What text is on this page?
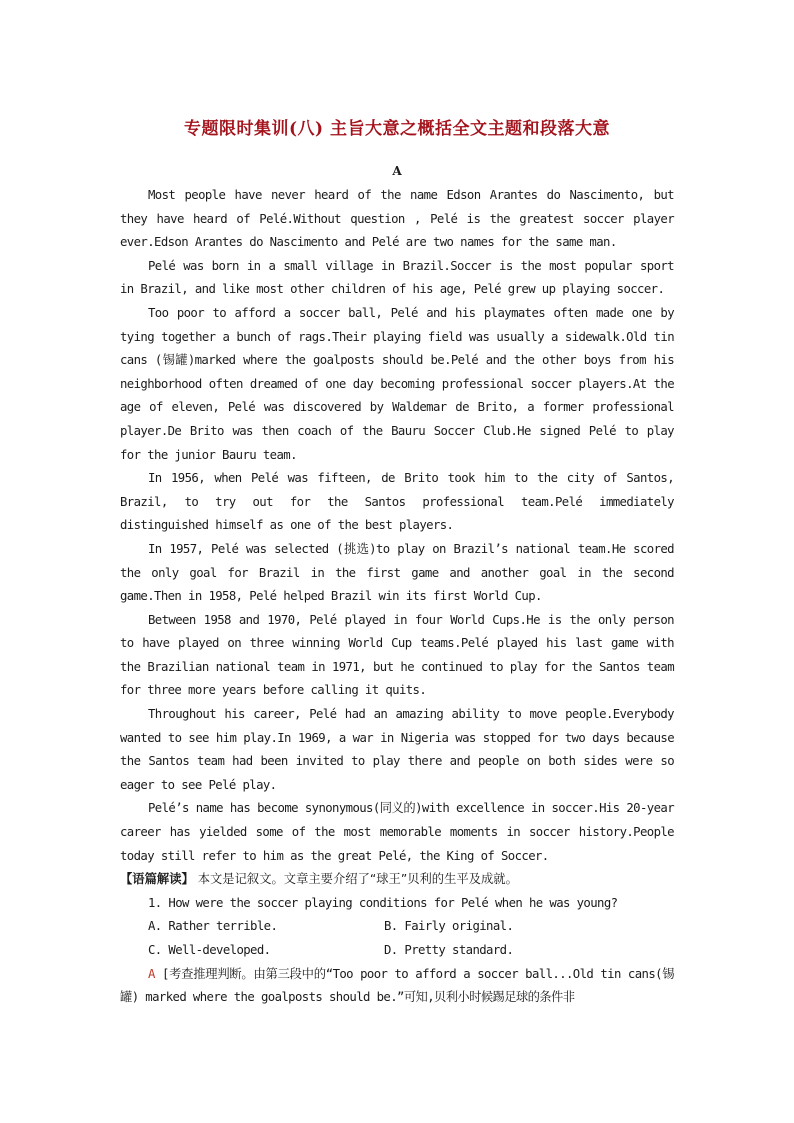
专题限时集训(八) 主旨大意之概括全文主题和段落大意
A

Most people have never heard of the name Edson Arantes do Nascimento, but they have heard of Pelé.Without question , Pelé is the greatest soccer player ever.Edson Arantes do Nascimento and Pelé are two names for the same man.

Pelé was born in a small village in Brazil.Soccer is the most popular sport in Brazil, and like most other children of his age, Pelé grew up playing soccer.

Too poor to afford a soccer ball, Pelé and his playmates often made one by tying together a bunch of rags.Their playing field was usually a sidewalk.Old tin cans (锡罐)marked where the goalposts should be.Pelé and the other boys from his neighborhood often dreamed of one day becoming professional soccer players.At the age of eleven, Pelé was discovered by Waldemar de Brito, a former professional player.De Brito was then coach of the Bauru Soccer Club.He signed Pelé to play for the junior Bauru team.

In 1956, when Pelé was fifteen, de Brito took him to the city of Santos, Brazil, to try out for the Santos professional team.Pelé immediately distinguished himself as one of the best players.

In 1957, Pelé was selected (挑选)to play on Brazil’s national team.He scored the only goal for Brazil in the first game and another goal in the second game.Then in 1958, Pelé helped Brazil win its first World Cup.

Between 1958 and 1970, Pelé played in four World Cups.He is the only person to have played on three winning World Cup teams.Pelé played his last game with the Brazilian national team in 1971, but he continued to play for the Santos team for three more years before calling it quits.

Throughout his career, Pelé had an amazing ability to move people.Everybody wanted to see him play.In 1969, a war in Nigeria was stopped for two days because the Santos team had been invited to play there and people on both sides were so eager to see Pelé play.

Pelé’s name has become synonymous(同义的)with excellence in soccer.His 20-year career has yielded some of the most memorable moments in soccer history.People today still refer to him as the great Pelé, the King of Soccer.

【语篇解读】 本文是记叙文。文章主要介绍了“球王”贝利的生平及成就。

1. How were the soccer playing conditions for Pelé when he was young?

A. Rather terrible.	B. Fairly original.
C. Well-developed.	D. Pretty standard.

A [考查推理判断。由第三段中的“Too poor to afford a soccer ball...Old tin cans(锡罐) marked where the goalposts should be.”可知,贝利小时候踢足球的条件非
